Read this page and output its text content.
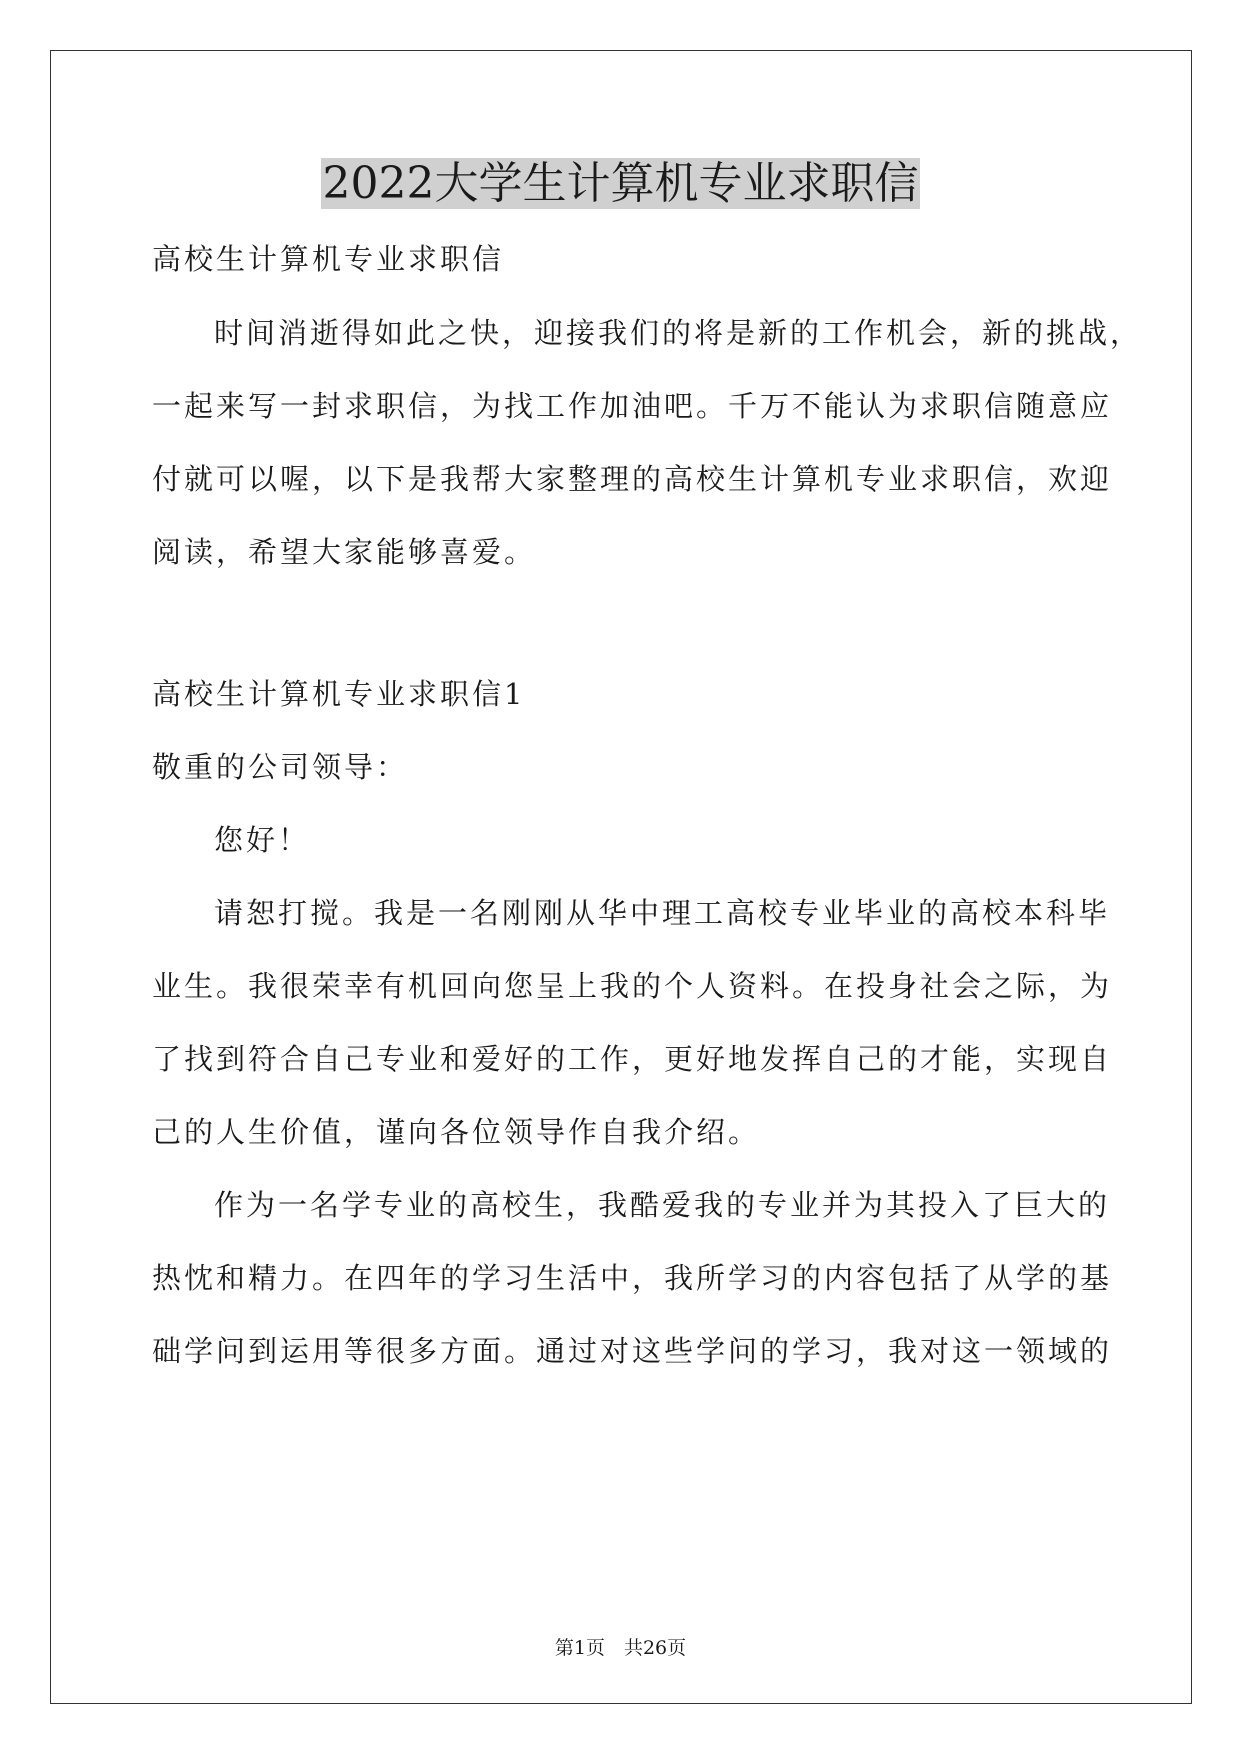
2022大学生计算机专业求职信
高校生计算机专业求职信
时间消逝得如此之快，迎接我们的将是新的工作机会，新的挑战，
一起来写一封求职信，为找工作加油吧。千万不能认为求职信随意应
付就可以喔，以下是我帮大家整理的高校生计算机专业求职信，欢迎
阅读，希望大家能够喜爱。
高校生计算机专业求职信1
敬重的公司领导：
您好！
请恕打搅。我是一名刚刚从华中理工高校专业毕业的高校本科毕
业生。我很荣幸有机回向您呈上我的个人资料。在投身社会之际，为
了找到符合自己专业和爱好的工作，更好地发挥自己的才能，实现自
己的人生价值，谨向各位领导作自我介绍。
作为一名学专业的高校生，我酷爱我的专业并为其投入了巨大的
热忱和精力。在四年的学习生活中，我所学习的内容包括了从学的基
础学问到运用等很多方面。通过对这些学问的学习，我对这一领域的
第1页　共26页
